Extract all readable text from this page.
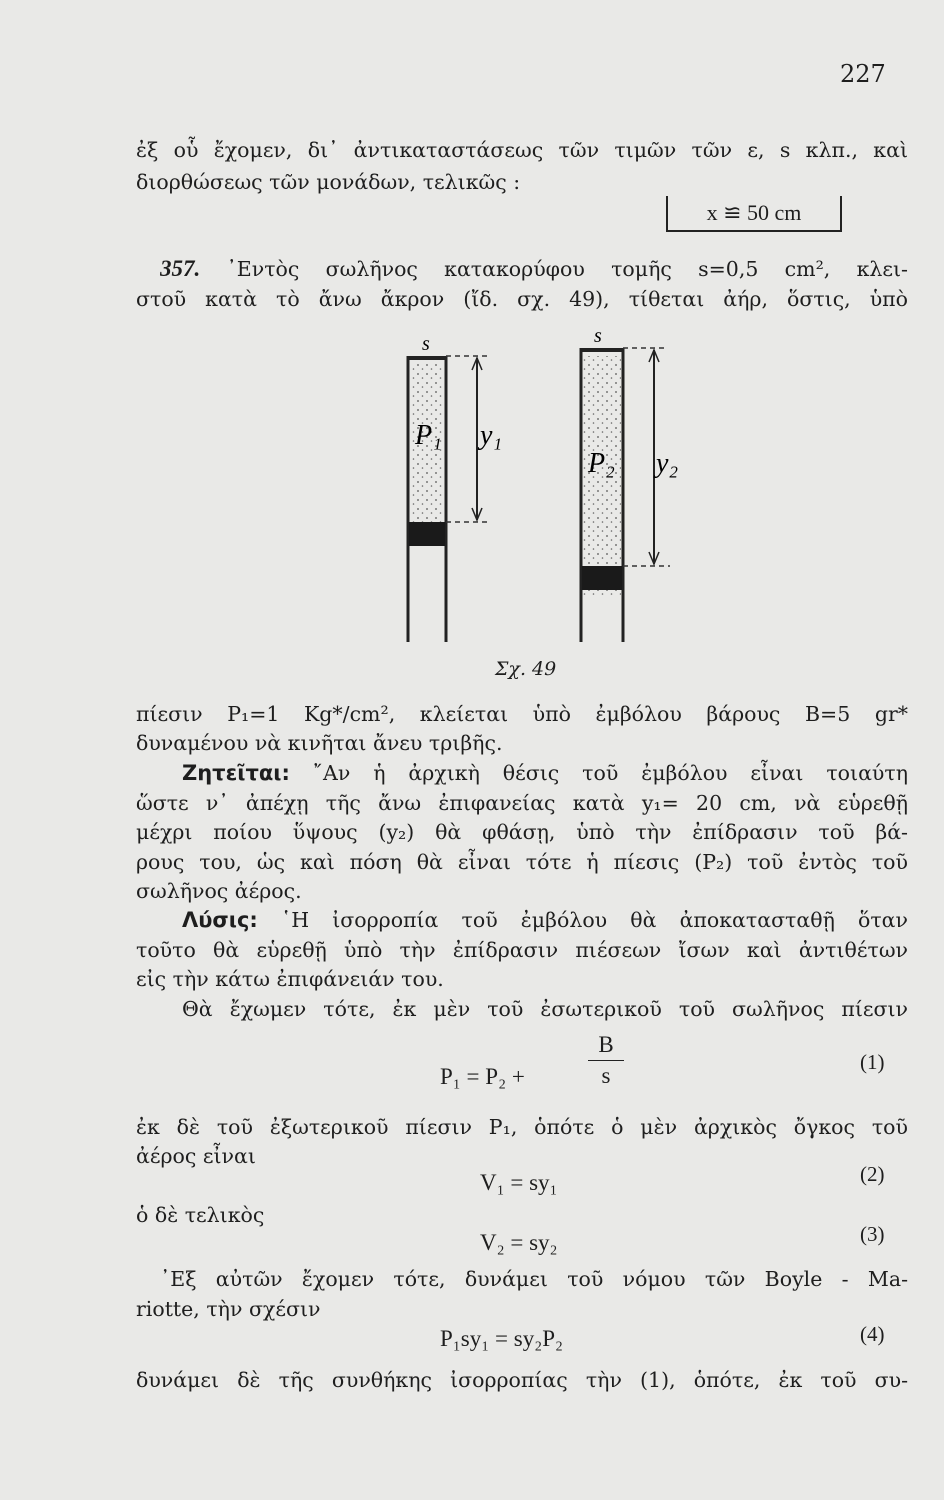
227
ἐξ οὗ ἔχομεν, δι᾽ ἀντικαταστάσεως τῶν τιμῶν τῶν ε, s κλπ., καὶ
διορθώσεως τῶν μονάδων, τελικῶς :
x ≌ 50 cm
357. ᾽Εντὸς σωλῆνος κατακορύφου τομῆς s=0,5 cm², κλει-
στοῦ κατὰ τὸ ἄνω ἄκρον (ἴδ. σχ. 49), τίθεται ἀήρ, ὅστις, ὑπὸ
s	s
P₁
P₂
y₁
y₂
Σχ. 49
πίεσιν P₁=1 Kg*/cm², κλείεται ὑπὸ ἐμβόλου βάρους B=5 gr*
δυναμένου νὰ κινῆται ἄνευ τριβῆς.
Ζητεῖται: ῎Αν ἡ ἀρχικὴ θέσις τοῦ ἐμβόλου εἶναι τοιαύτη
ὥστε ν᾽ ἀπέχῃ τῆς ἄνω ἐπιφανείας κατὰ y₁= 20 cm, νὰ εὑρεθῇ
μέχρι ποίου ὕψους (y₂) θὰ φθάσῃ, ὑπὸ τὴν ἐπίδρασιν τοῦ βά-
ρους του, ὡς καὶ πόση θὰ εἶναι τότε ἡ πίεσις (P₂) τοῦ ἐντὸς τοῦ
σωλῆνος ἀέρος.
Λύσις: ῾Η ἰσορροπία τοῦ ἐμβόλου θὰ ἀποκατασταθῇ ὅταν
τοῦτο θὰ εὑρεθῇ ὑπὸ τὴν ἐπίδρασιν πιέσεων ἴσων καὶ ἀντιθέτων
εἰς τὴν κάτω ἐπιφάνειάν του.
Θὰ ἔχωμεν τότε, ἐκ μὲν τοῦ ἐσωτερικοῦ τοῦ σωλῆνος πίεσιν
P₁ = P₂ +	$\frac{B}{s}$	(1)
ἐκ δὲ τοῦ ἐξωτερικοῦ πίεσιν P₁, ὁπότε ὁ μὲν ἀρχικὸς ὄγκος τοῦ
ἀέρος εἶναι
V₁ = sy₁	(2)
ὁ δὲ τελικὸς
V₂ = sy₂	(3)
᾽Εξ αὐτῶν ἔχομεν τότε, δυνάμει τοῦ νόμου τῶν Boyle - Ma-
riotte, τὴν σχέσιν
P₁sy₁ = sy₂P₂	(4)
δυνάμει δὲ τῆς συνθήκης ἰσορροπίας τὴν (1), ὁπότε, ἐκ τοῦ συ-
